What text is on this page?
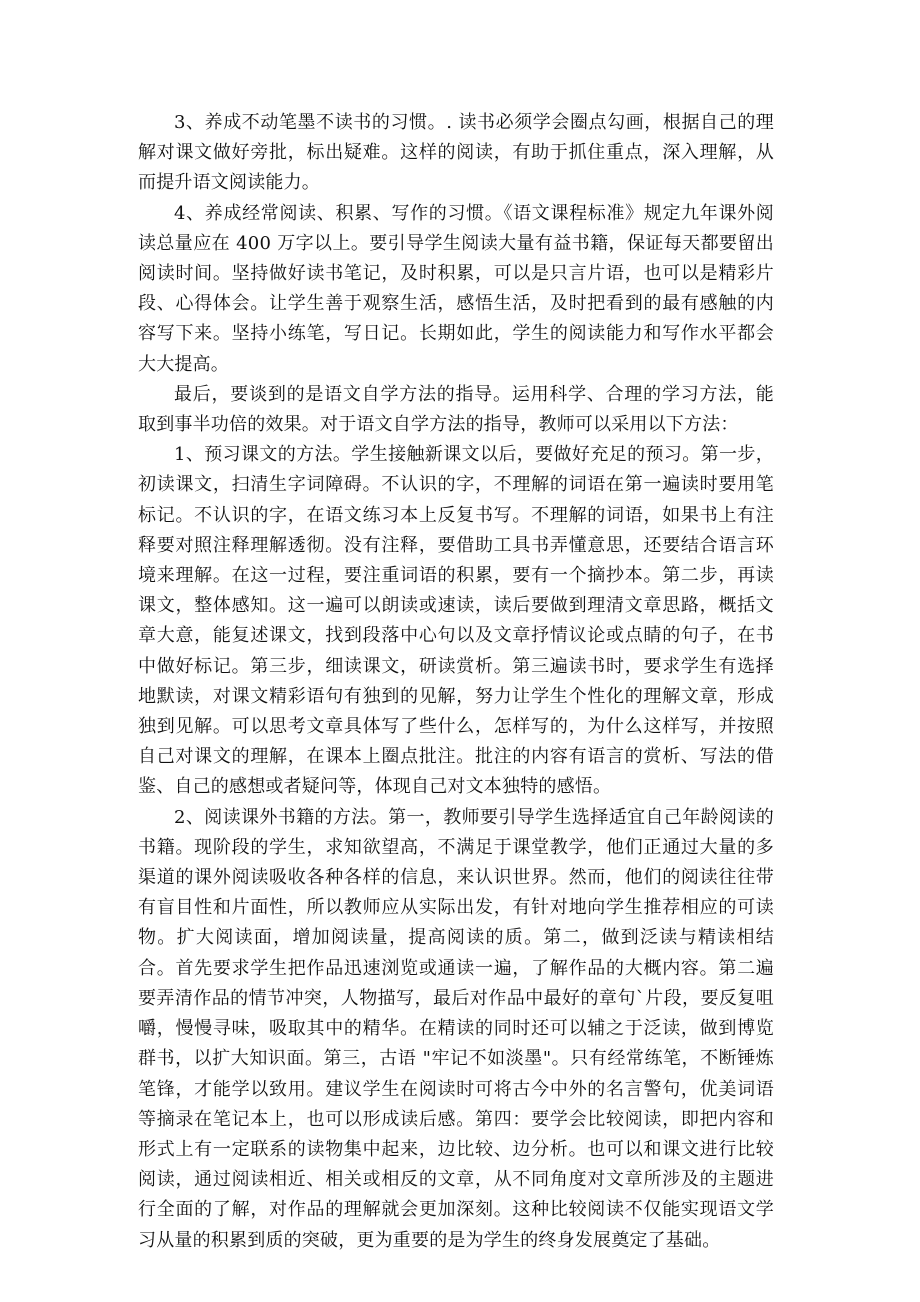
3、养成不动笔墨不读书的习惯。. 读书必须学会圈点勾画，根据自己的理解对课文做好旁批，标出疑难。这样的阅读，有助于抓住重点，深入理解，从而提升语文阅读能力。

4、养成经常阅读、积累、写作的习惯。《语文课程标准》规定九年课外阅读总量应在 400 万字以上。要引导学生阅读大量有益书籍，保证每天都要留出阅读时间。坚持做好读书笔记，及时积累，可以是只言片语，也可以是精彩片段、心得体会。让学生善于观察生活，感悟生活，及时把看到的最有感触的内容写下来。坚持小练笔，写日记。长期如此，学生的阅读能力和写作水平都会大大提高。

最后，要谈到的是语文自学方法的指导。运用科学、合理的学习方法，能取到事半功倍的效果。对于语文自学方法的指导，教师可以采用以下方法：

1、预习课文的方法。学生接触新课文以后，要做好充足的预习。第一步，初读课文，扫清生字词障碍。不认识的字，不理解的词语在第一遍读时要用笔标记。不认识的字，在语文练习本上反复书写。不理解的词语，如果书上有注释要对照注释理解透彻。没有注释，要借助工具书弄懂意思，还要结合语言环境来理解。在这一过程，要注重词语的积累，要有一个摘抄本。第二步，再读课文，整体感知。这一遍可以朗读或速读，读后要做到理清文章思路，概括文章大意，能复述课文，找到段落中心句以及文章抒情议论或点睛的句子，在书中做好标记。第三步，细读课文，研读赏析。第三遍读书时，要求学生有选择地默读，对课文精彩语句有独到的见解，努力让学生个性化的理解文章，形成独到见解。可以思考文章具体写了些什么，怎样写的，为什么这样写，并按照自己对课文的理解，在课本上圈点批注。批注的内容有语言的赏析、写法的借鉴、自己的感想或者疑问等，体现自己对文本独特的感悟。

2、阅读课外书籍的方法。第一，教师要引导学生选择适宜自己年龄阅读的书籍。现阶段的学生，求知欲望高，不满足于课堂教学，他们正通过大量的多渠道的课外阅读吸收各种各样的信息，来认识世界。然而，他们的阅读往往带有盲目性和片面性，所以教师应从实际出发，有针对地向学生推荐相应的可读物。扩大阅读面，增加阅读量，提高阅读的质。第二，做到泛读与精读相结合。首先要求学生把作品迅速浏览或通读一遍，了解作品的大概内容。第二遍要弄清作品的情节冲突，人物描写，最后对作品中最好的章句`片段，要反复咀嚼，慢慢寻味，吸取其中的精华。在精读的同时还可以辅之于泛读，做到博览群书，以扩大知识面。第三，古语 "牢记不如淡墨"。只有经常练笔，不断锤炼笔锋，才能学以致用。建议学生在阅读时可将古今中外的名言警句，优美词语等摘录在笔记本上，也可以形成读后感。第四：要学会比较阅读，即把内容和形式上有一定联系的读物集中起来，边比较、边分析。也可以和课文进行比较阅读，通过阅读相近、相关或相反的文章，从不同角度对文章所涉及的主题进行全面的了解，对作品的理解就会更加深刻。这种比较阅读不仅能实现语文学习从量的积累到质的突破，更为重要的是为学生的终身发展奠定了基础。
